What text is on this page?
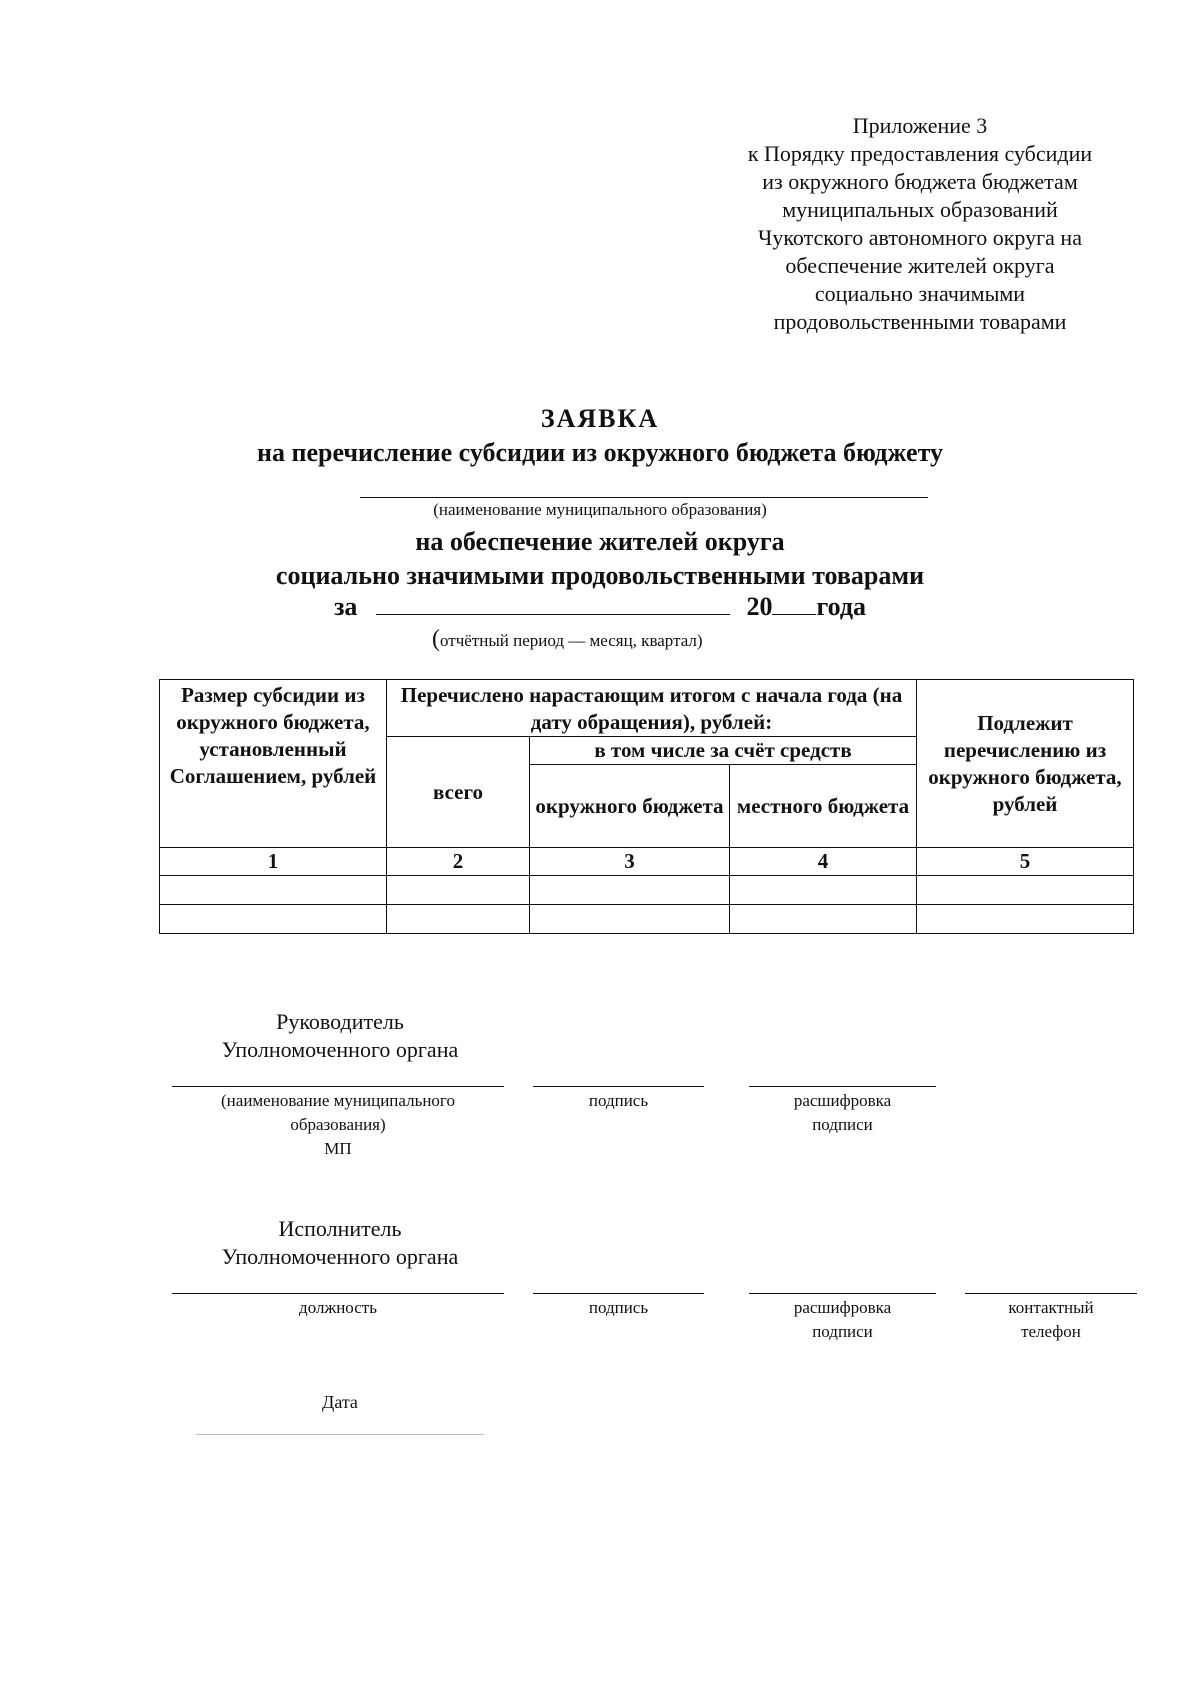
Приложение 3
к Порядку предоставления субсидии
из окружного бюджета бюджетам
муниципальных образований
Чукотского автономного округа на
обеспечение жителей округа
социально значимыми
продовольственными товарами
ЗАЯВКА
на перечисление субсидии из окружного бюджета бюджету
(наименование муниципального образования)
на обеспечение жителей округа
социально значимыми продовольственными товарами
за	20 года
(отчётный период — месяц, квартал)
Размер субсидии из окружного бюджета, установленный Соглашением, рублей	Перечислено нарастающим итогом с начала года (на дату обращения), рублей:			Подлежит перечислению из окружного бюджета, рублей
	всего	в том числе за счёт средств		
		окружного бюджета	местного бюджета	
1	2	3	4	5

Руководитель
Уполномоченного органа
(наименование муниципального
образования)
МП
подпись	расшифровка
подписи
Исполнитель
Уполномоченного органа
должность	подпись	расшифровка
подписи
контактный
телефон
Дата
